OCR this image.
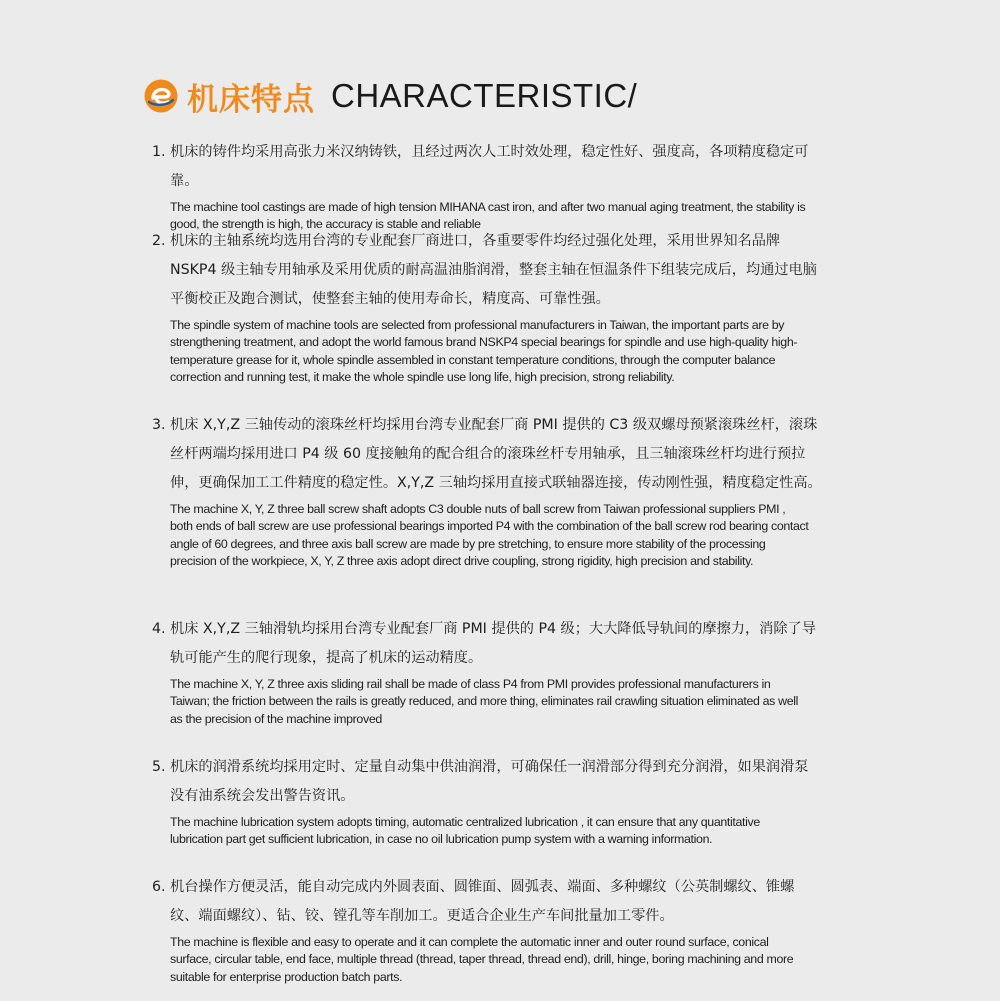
机床特点 CHARACTERISTIC/

1. 机床的铸件均采用高张力米汉纳铸铁，且经过两次人工时效处理，稳定性好、强度高，各项精度稳定可靠。

The machine tool castings are made of high tension MIHANA cast iron, and after two manual aging treatment, the stability is good, the strength is high, the accuracy is stable and reliable

2. 机床的主轴系统均选用台湾的专业配套厂商进口，各重要零件均经过强化处理，采用世界知名品牌NSKP4 级主轴专用轴承及采用优质的耐高温油脂润滑，整套主轴在恒温条件下组装完成后，均通过电脑平衡校正及跑合测试，使整套主轴的使用寿命长，精度高、可靠性强。

The spindle system of machine tools are selected from professional manufacturers in Taiwan, the important parts are by strengthening treatment, and adopt the world famous brand NSKP4 special bearings for spindle and use high-quality high-temperature grease for it, whole spindle assembled in constant temperature conditions, through the computer balance correction and running test, it make the whole spindle use long life, high precision, strong reliability.

3. 机床 X,Y,Z 三轴传动的滚珠丝杆均採用台湾专业配套厂商 PMI 提供的 C3 级双螺母预紧滚珠丝杆，滚珠丝杆两端均採用进口 P4 级 60 度接触角的配合组合的滚珠丝杆专用轴承，且三轴滚珠丝杆均进行预拉伸，更确保加工工件精度的稳定性。X,Y,Z 三轴均採用直接式联轴器连接，传动刚性强，精度稳定性高。

The machine X, Y, Z three ball screw shaft adopts C3 double nuts of ball screw from Taiwan professional suppliers PMI , both ends of ball screw are use professional bearings imported P4 with the combination of the ball screw rod bearing contact angle of 60 degrees, and three axis ball screw are made by pre stretching, to ensure more stability of the processing precision of the workpiece, X, Y, Z three axis adopt direct drive coupling, strong rigidity, high precision and stability.

4. 机床 X,Y,Z 三轴滑轨均採用台湾专业配套厂商 PMI 提供的 P4 级；大大降低导轨间的摩擦力，消除了导轨可能产生的爬行现象，提高了机床的运动精度。

The machine X, Y, Z three axis sliding rail shall be made of class P4 from PMI provides professional manufacturers in Taiwan; the friction between the rails is greatly reduced, and more thing, eliminates rail crawling situation eliminated as well as the precision of the machine improved

5. 机床的润滑系统均採用定时、定量自动集中供油润滑，可确保任一润滑部分得到充分润滑，如果润滑泵没有油系统会发出警告资讯。

The machine lubrication system adopts timing, automatic centralized lubrication , it can ensure that any quantitative lubrication part get sufficient lubrication, in case no oil lubrication pump system with a warning information.

6. 机台操作方便灵活，能自动完成内外圆表面、圆锥面、圆弧表、端面、多种螺纹（公英制螺纹、锥螺纹、端面螺纹）、钻、铰、镗孔等车削加工。更适合企业生产车间批量加工零件。

The machine is flexible and easy to operate and it can complete the automatic inner and outer round surface, conical surface, circular table, end face, multiple thread (thread, taper thread, thread end), drill, hinge, boring machining and more suitable for enterprise production batch parts.
